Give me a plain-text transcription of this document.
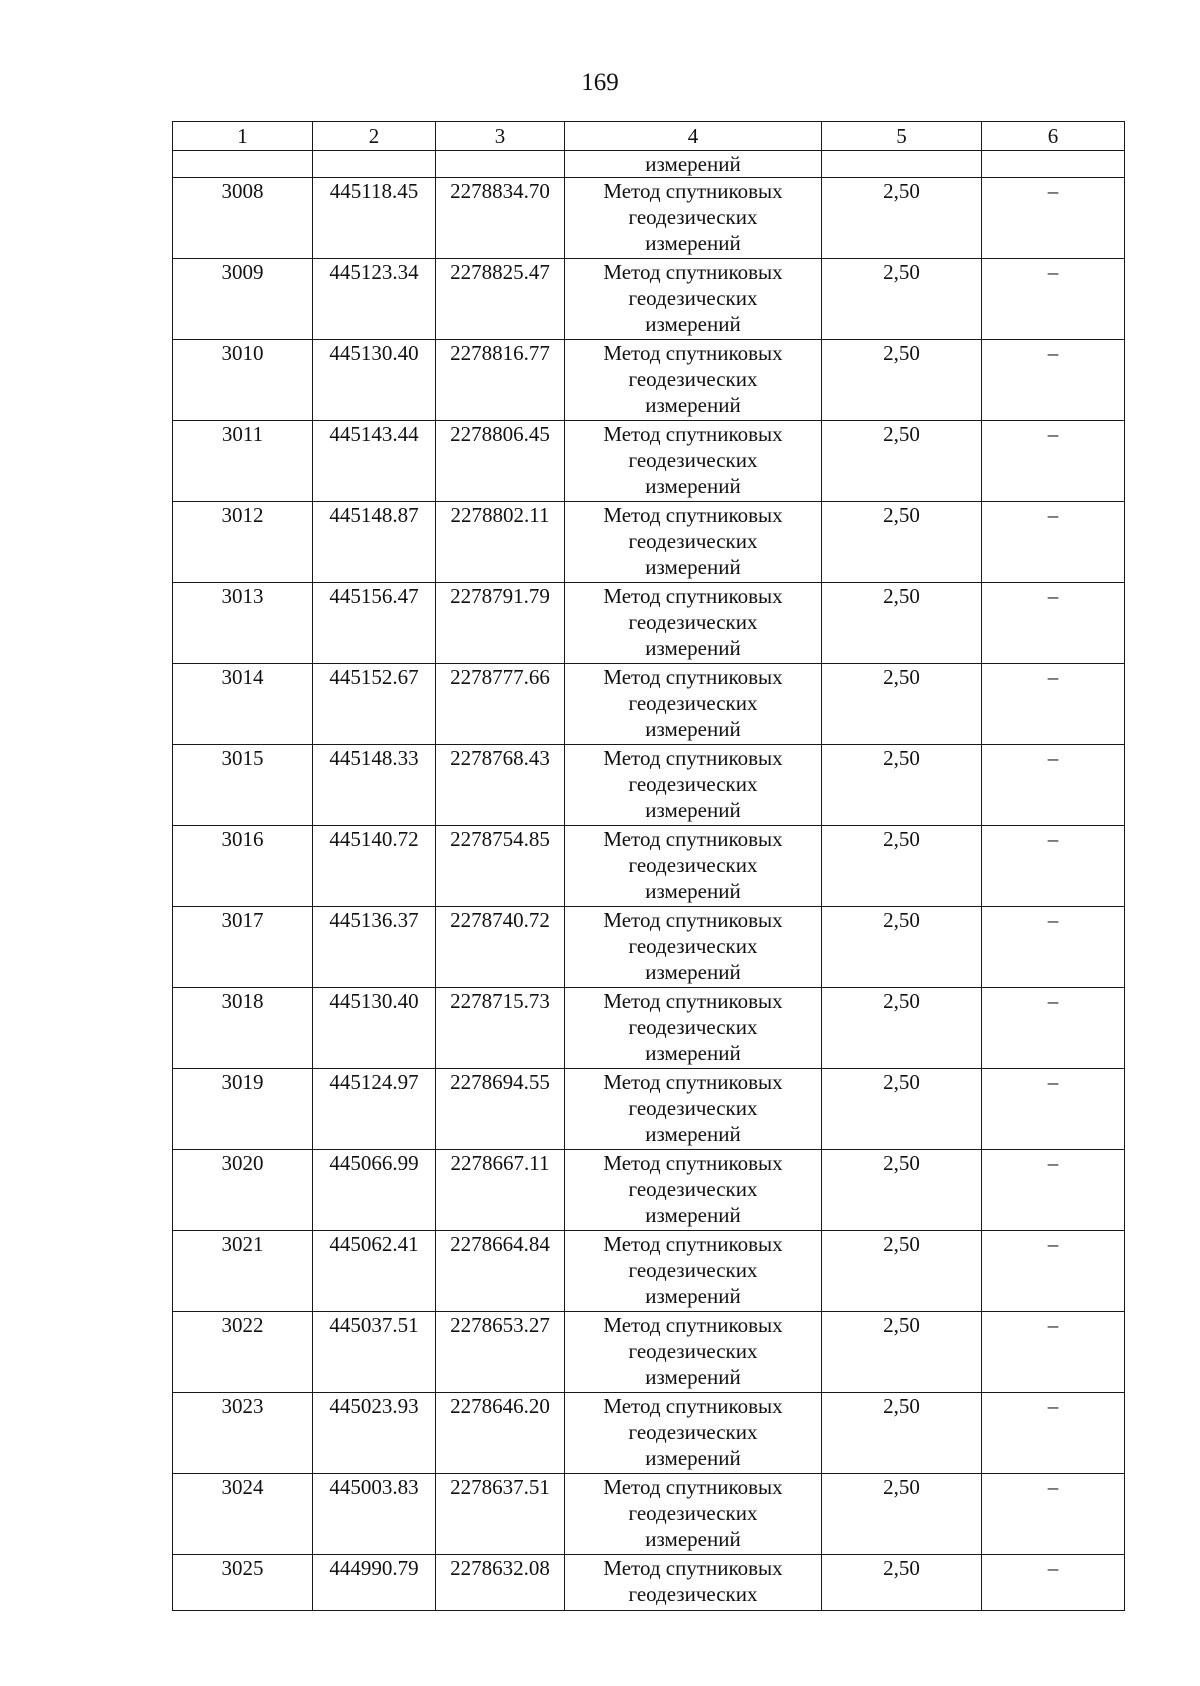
169
1	2	3	4	5	6
			измерений		
3008	445118.45	2278834.70	Метод спутниковых
геодезических
измерений	2,50	–
3009	445123.34	2278825.47	Метод спутниковых
геодезических
измерений	2,50	–
3010	445130.40	2278816.77	Метод спутниковых
геодезических
измерений	2,50	–
3011	445143.44	2278806.45	Метод спутниковых
геодезических
измерений	2,50	–
3012	445148.87	2278802.11	Метод спутниковых
геодезических
измерений	2,50	–
3013	445156.47	2278791.79	Метод спутниковых
геодезических
измерений	2,50	–
3014	445152.67	2278777.66	Метод спутниковых
геодезических
измерений	2,50	–
3015	445148.33	2278768.43	Метод спутниковых
геодезических
измерений	2,50	–
3016	445140.72	2278754.85	Метод спутниковых
геодезических
измерений	2,50	–
3017	445136.37	2278740.72	Метод спутниковых
геодезических
измерений	2,50	–
3018	445130.40	2278715.73	Метод спутниковых
геодезических
измерений	2,50	–
3019	445124.97	2278694.55	Метод спутниковых
геодезических
измерений	2,50	–
3020	445066.99	2278667.11	Метод спутниковых
геодезических
измерений	2,50	–
3021	445062.41	2278664.84	Метод спутниковых
геодезических
измерений	2,50	–
3022	445037.51	2278653.27	Метод спутниковых
геодезических
измерений	2,50	–
3023	445023.93	2278646.20	Метод спутниковых
геодезических
измерений	2,50	–
3024	445003.83	2278637.51	Метод спутниковых
геодезических
измерений	2,50	–
3025	444990.79	2278632.08	Метод спутниковых
геодезических	2,50	–
